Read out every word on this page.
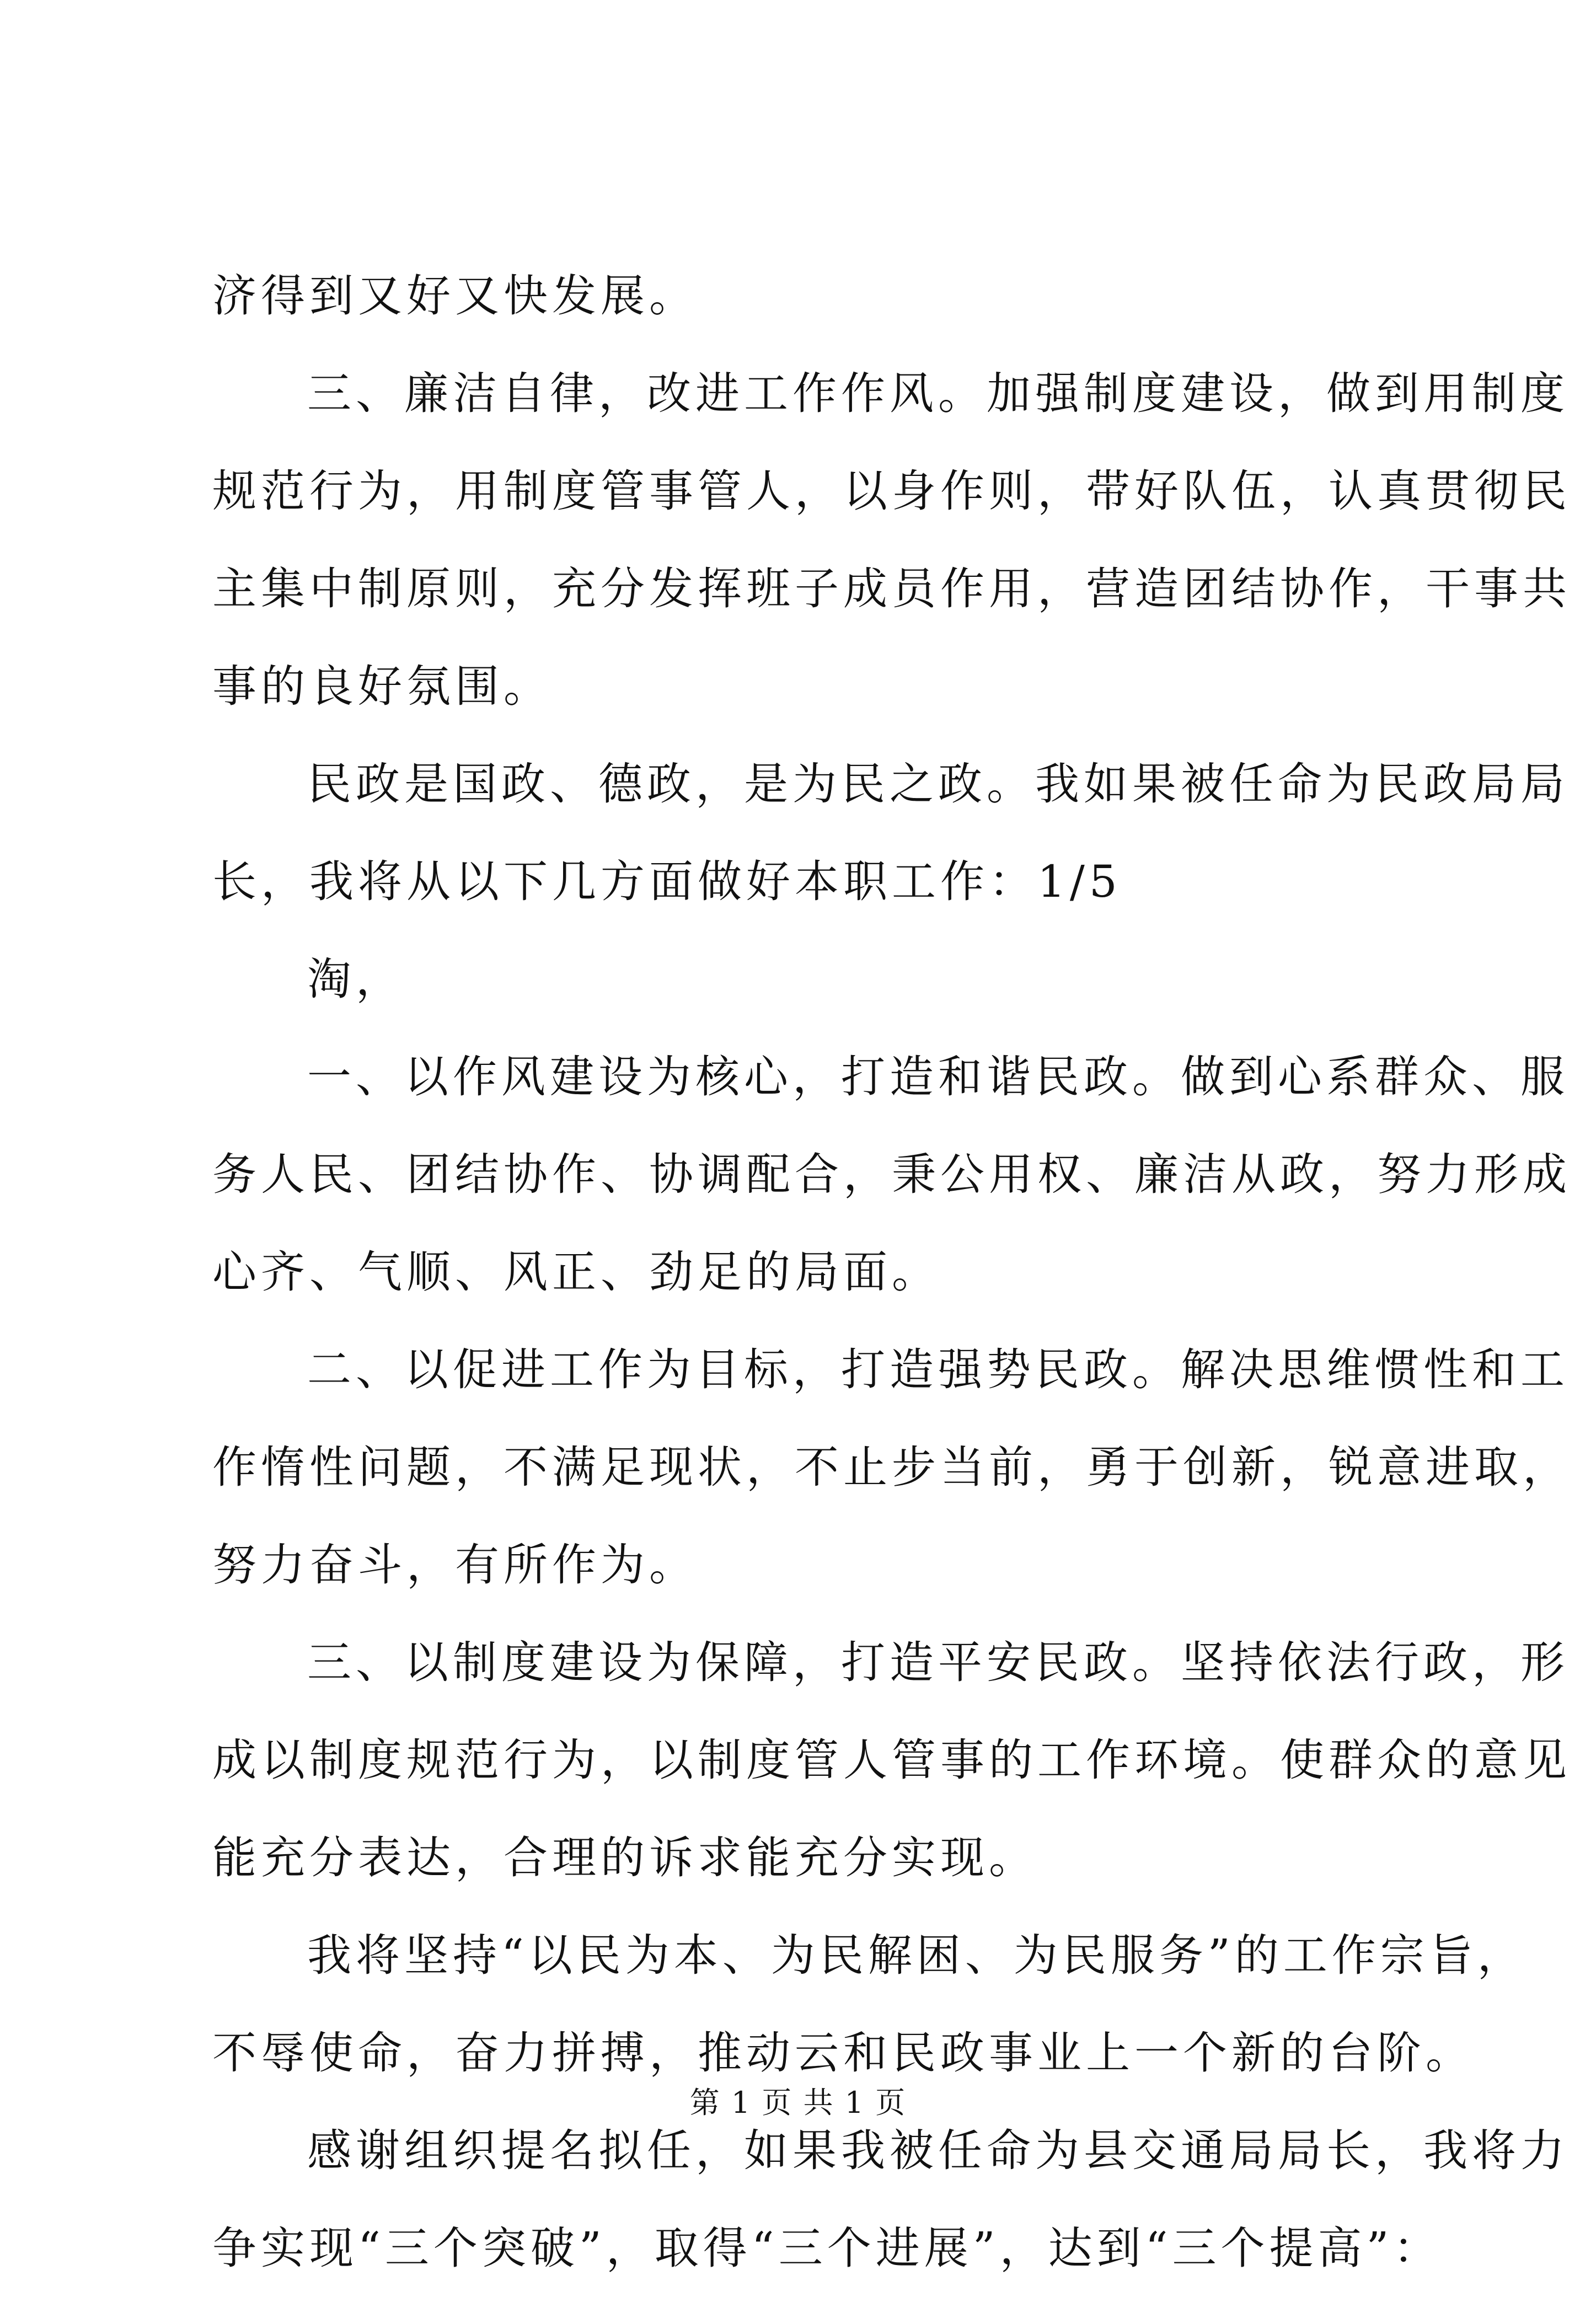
济得到又好又快发展。
三、廉洁自律，改进工作作风。加强制度建设，做到用制度
规范行为，用制度管事管人，以身作则，带好队伍，认真贯彻民
主集中制原则，充分发挥班子成员作用，营造团结协作，干事共
事的良好氛围。
民政是国政、德政，是为民之政。我如果被任命为民政局局
长，我将从以下几方面做好本职工作：1/5
淘，
一、以作风建设为核心，打造和谐民政。做到心系群众、服
务人民、团结协作、协调配合，秉公用权、廉洁从政，努力形成
心齐、气顺、风正、劲足的局面。
二、以促进工作为目标，打造强势民政。解决思维惯性和工
作惰性问题，不满足现状，不止步当前，勇于创新，锐意进取，
努力奋斗，有所作为。
三、以制度建设为保障，打造平安民政。坚持依法行政，形
成以制度规范行为，以制度管人管事的工作环境。使群众的意见
能充分表达，合理的诉求能充分实现。
我将坚持“以民为本、为民解困、为民服务”的工作宗旨，
不辱使命，奋力拼搏，推动云和民政事业上一个新的台阶。
感谢组织提名拟任，如果我被任命为县交通局局长，我将力
争实现“三个突破”，取得“三个进展”，达到“三个提高”：
第 1 页 共 1 页
